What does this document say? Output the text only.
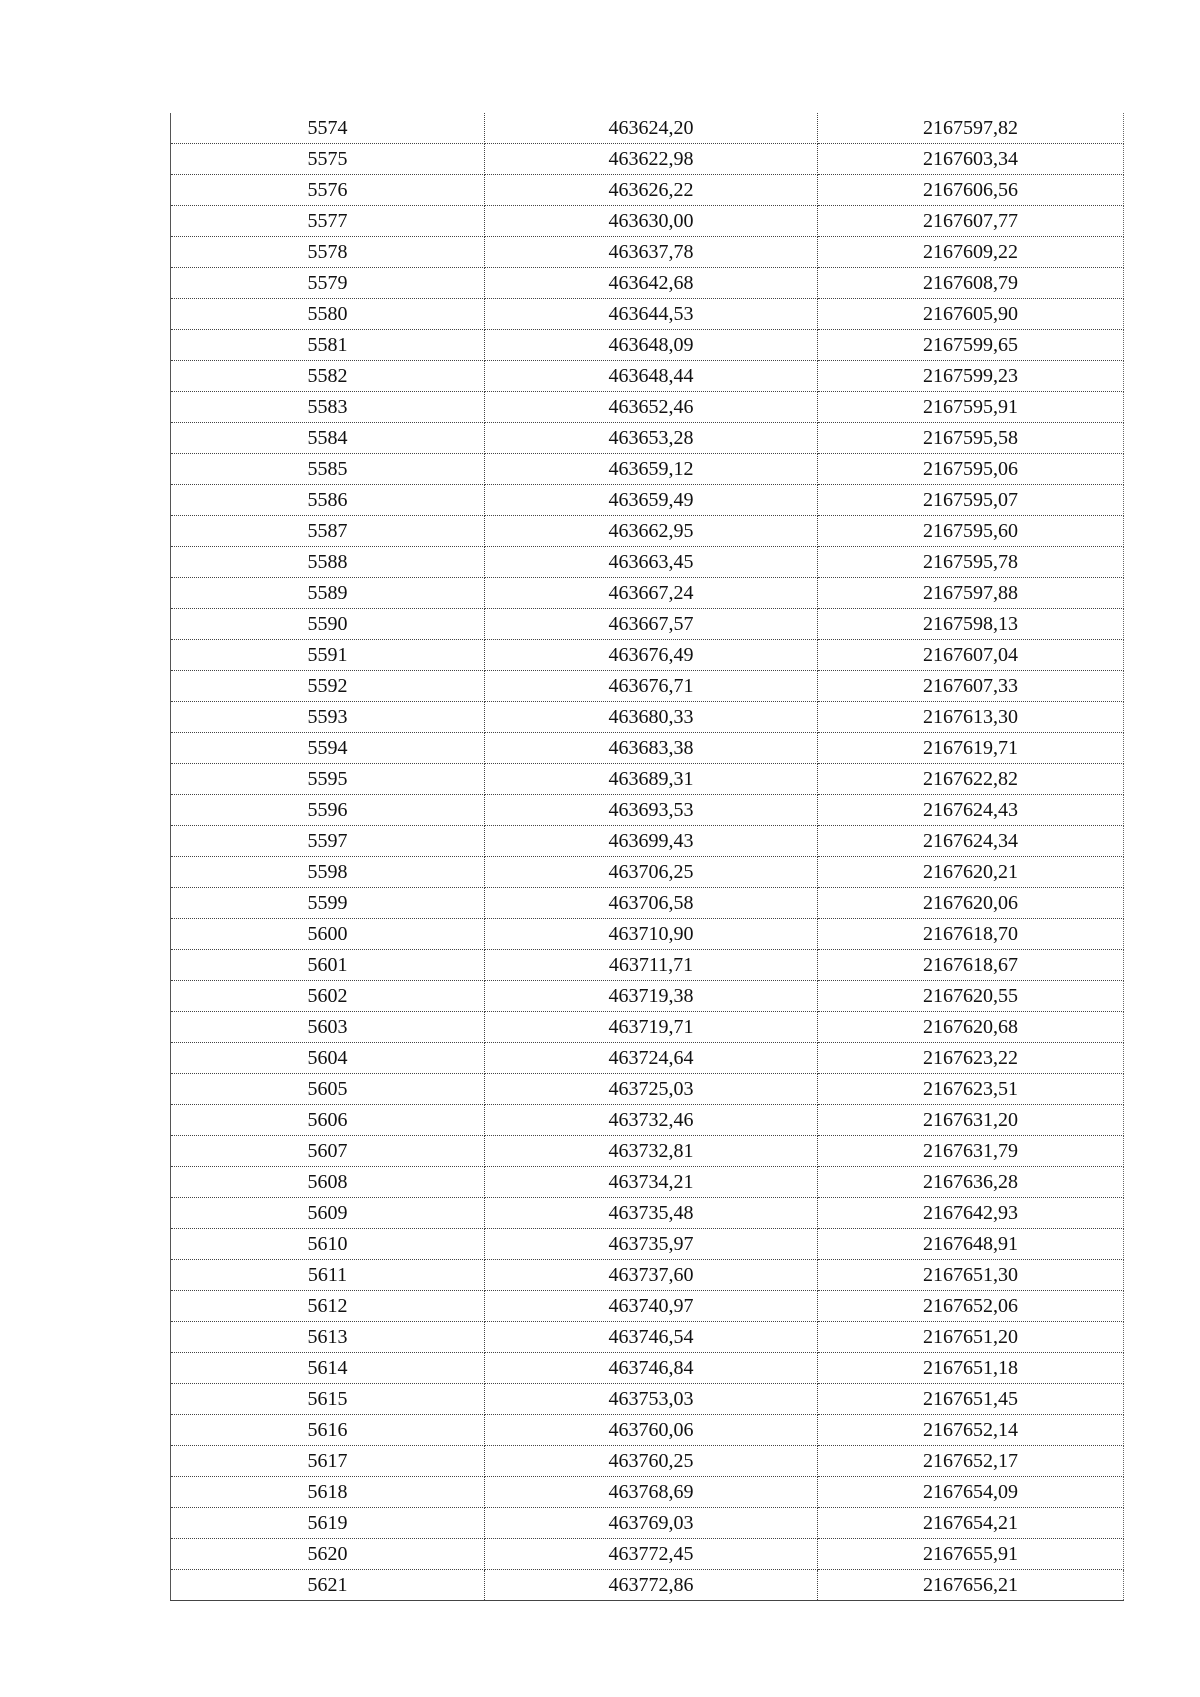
5574	463624,20	2167597,82
5575	463622,98	2167603,34
5576	463626,22	2167606,56
5577	463630,00	2167607,77
5578	463637,78	2167609,22
5579	463642,68	2167608,79
5580	463644,53	2167605,90
5581	463648,09	2167599,65
5582	463648,44	2167599,23
5583	463652,46	2167595,91
5584	463653,28	2167595,58
5585	463659,12	2167595,06
5586	463659,49	2167595,07
5587	463662,95	2167595,60
5588	463663,45	2167595,78
5589	463667,24	2167597,88
5590	463667,57	2167598,13
5591	463676,49	2167607,04
5592	463676,71	2167607,33
5593	463680,33	2167613,30
5594	463683,38	2167619,71
5595	463689,31	2167622,82
5596	463693,53	2167624,43
5597	463699,43	2167624,34
5598	463706,25	2167620,21
5599	463706,58	2167620,06
5600	463710,90	2167618,70
5601	463711,71	2167618,67
5602	463719,38	2167620,55
5603	463719,71	2167620,68
5604	463724,64	2167623,22
5605	463725,03	2167623,51
5606	463732,46	2167631,20
5607	463732,81	2167631,79
5608	463734,21	2167636,28
5609	463735,48	2167642,93
5610	463735,97	2167648,91
5611	463737,60	2167651,30
5612	463740,97	2167652,06
5613	463746,54	2167651,20
5614	463746,84	2167651,18
5615	463753,03	2167651,45
5616	463760,06	2167652,14
5617	463760,25	2167652,17
5618	463768,69	2167654,09
5619	463769,03	2167654,21
5620	463772,45	2167655,91
5621	463772,86	2167656,21
